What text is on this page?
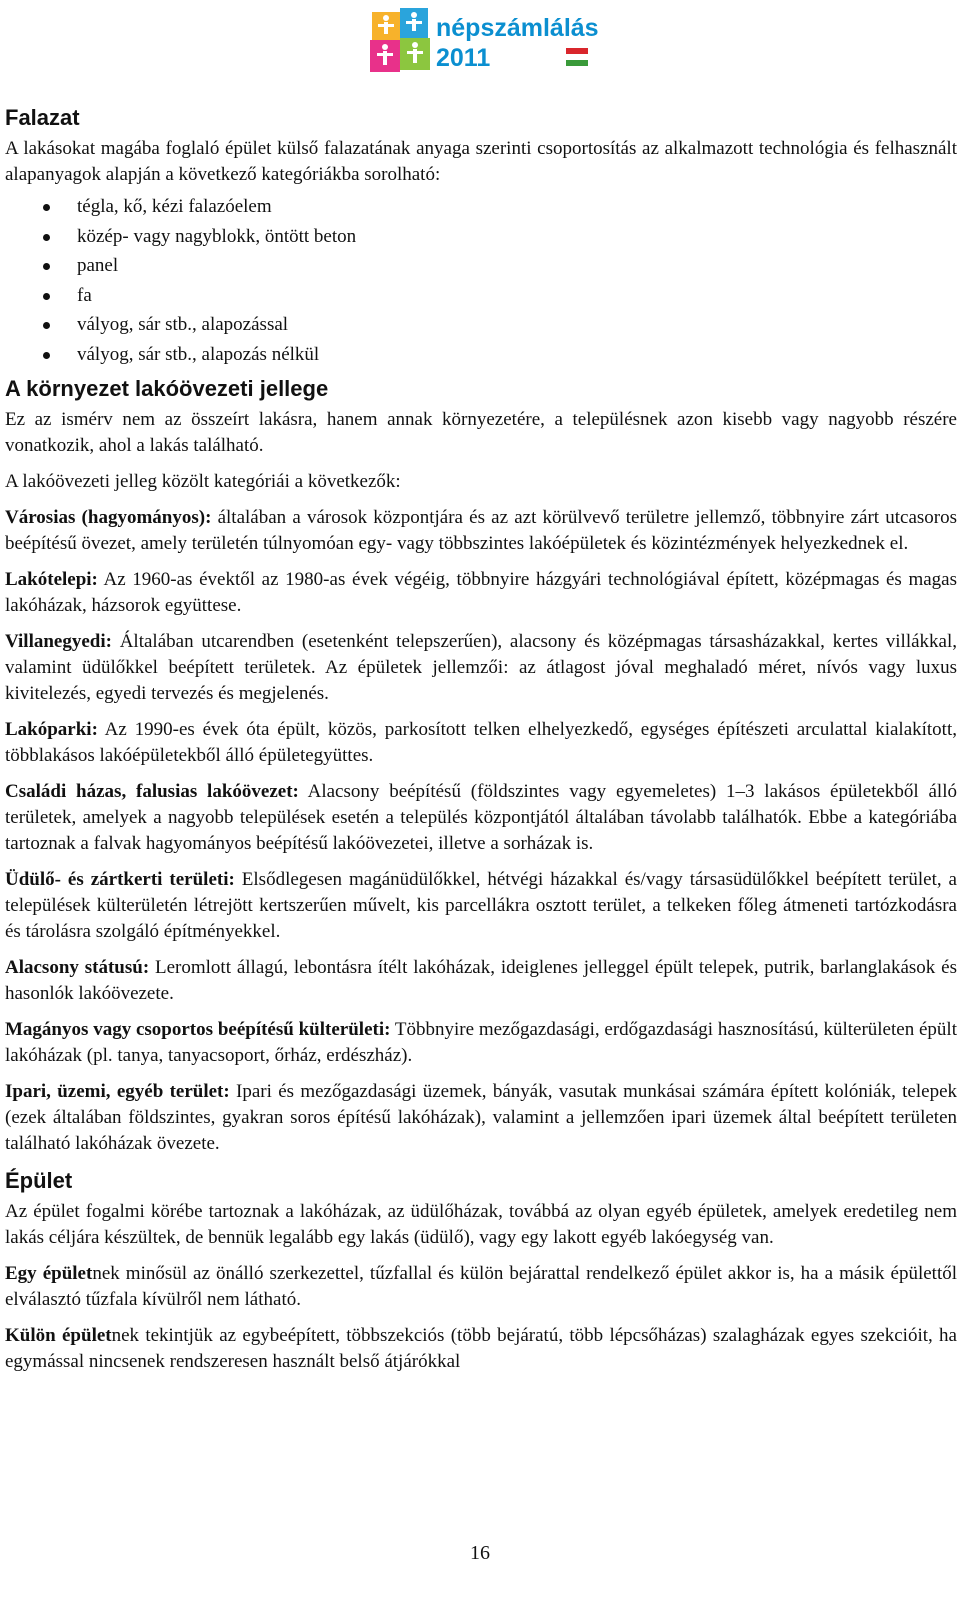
népszámlálás
2011
Falazat

A lakásokat magába foglaló épület külső falazatának anyaga szerinti csoportosítás az alkalmazott technológia és felhasznált alapanyagok alapján a következő kategóriákba sorolható:

tégla, kő, kézi falazóelem
közép- vagy nagyblokk, öntött beton
panel
fa
vályog, sár stb., alapozással
vályog, sár stb., alapozás nélkül
A környezet lakóövezeti jellege

Ez az ismérv nem az összeírt lakásra, hanem annak környezetére, a településnek azon kisebb vagy nagyobb részére vonatkozik, ahol a lakás található.

A lakóövezeti jelleg közölt kategóriái a következők:

Városias (hagyományos): általában a városok központjára és az azt körülvevő területre jellemző, többnyire zárt utcasoros beépítésű övezet, amely területén túlnyomóan egy- vagy többszintes lakóépületek és közintézmények helyezkednek el.

Lakótelepi: Az 1960-as évektől az 1980-as évek végéig, többnyire házgyári technológiával épített, középmagas és magas lakóházak, házsorok együttese.

Villanegyedi: Általában utcarendben (esetenként telepszerűen), alacsony és középmagas társasházakkal, kertes villákkal, valamint üdülőkkel beépített területek. Az épületek jellemzői: az átlagost jóval meghaladó méret, nívós vagy luxus kivitelezés, egyedi tervezés és megjelenés.

Lakóparki: Az 1990-es évek óta épült, közös, parkosított telken elhelyezkedő, egységes építészeti arculattal kialakított, többlakásos lakóépületekből álló épületegyüttes.

Családi házas, falusias lakóövezet: Alacsony beépítésű (földszintes vagy egyemeletes) 1–3 lakásos épületekből álló területek, amelyek a nagyobb települések esetén a település központjától általában távolabb találhatók. Ebbe a kategóriába tartoznak a falvak hagyományos beépítésű lakóövezetei, illetve a sorházak is.

Üdülő- és zártkerti területi: Elsődlegesen magánüdülőkkel, hétvégi házakkal és/vagy társasüdülőkkel beépített terület, a települések külterületén létrejött kertszerűen művelt, kis parcellákra osztott terület, a telkeken főleg átmeneti tartózkodásra és tárolásra szolgáló építményekkel.

Alacsony státusú: Leromlott állagú, lebontásra ítélt lakóházak, ideiglenes jelleggel épült telepek, putrik, barlanglakások és hasonlók lakóövezete.

Magányos vagy csoportos beépítésű külterületi: Többnyire mezőgazdasági, erdőgazdasági hasznosítású, külterületen épült lakóházak (pl. tanya, tanyacsoport, őrház, erdészház).

Ipari, üzemi, egyéb terület: Ipari és mezőgazdasági üzemek, bányák, vasutak munkásai számára épített kolóniák, telepek (ezek általában földszintes, gyakran soros építésű lakóházak), valamint a jellemzően ipari üzemek által beépített területen található lakóházak övezete.

Épület

Az épület fogalmi körébe tartoznak a lakóházak, az üdülőházak, továbbá az olyan egyéb épületek, amelyek eredetileg nem lakás céljára készültek, de bennük legalább egy lakás (üdülő), vagy egy lakott egyéb lakóegység van.

Egy épületnek minősül az önálló szerkezettel, tűzfallal és külön bejárattal rendelkező épület akkor is, ha a másik épülettől elválasztó tűzfala kívülről nem látható.

Külön épületnek tekintjük az egybeépített, többszekciós (több bejáratú, több lépcsőházas) szalagházak egyes szekcióit, ha egymással nincsenek rendszeresen használt belső átjárókkal

16
